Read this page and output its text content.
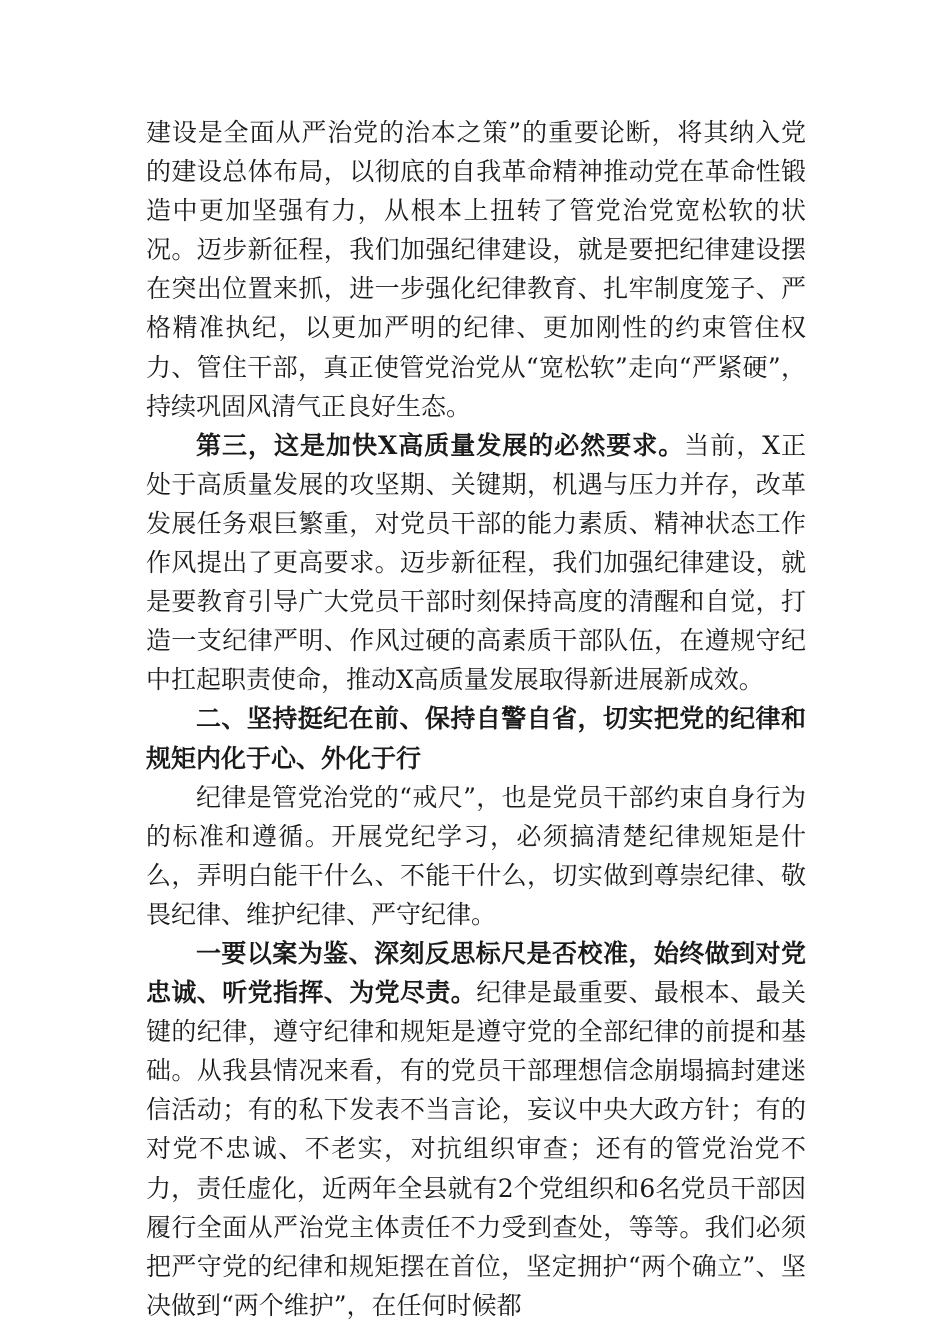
建设是全面从严治党的治本之策”的重要论断，将其纳入党的建设总体布局，以彻底的自我革命精神推动党在革命性锻造中更加坚强有力，从根本上扭转了管党治党宽松软的状况。迈步新征程，我们加强纪律建设，就是要把纪律建设摆在突出位置来抓，进一步强化纪律教育、扎牢制度笼子、严格精准执纪，以更加严明的纪律、更加刚性的约束管住权力、管住干部，真正使管党治党从“宽松软”走向“严紧硬”，持续巩固风清气正良好生态。

第三，这是加快X高质量发展的必然要求。当前，X正处于高质量发展的攻坚期、关键期，机遇与压力并存，改革发展任务艰巨繁重，对党员干部的能力素质、精神状态工作作风提出了更高要求。迈步新征程，我们加强纪律建设，就是要教育引导广大党员干部时刻保持高度的清醒和自觉，打造一支纪律严明、作风过硬的高素质干部队伍，在遵规守纪中扛起职责使命，推动X高质量发展取得新进展新成效。

二、坚持挺纪在前、保持自警自省，切实把党的纪律和规矩内化于心、外化于行

纪律是管党治党的“戒尺”，也是党员干部约束自身行为的标准和遵循。开展党纪学习，必须搞清楚纪律规矩是什么，弄明白能干什么、不能干什么，切实做到尊崇纪律、敬畏纪律、维护纪律、严守纪律。

一要以案为鉴、深刻反思标尺是否校准，始终做到对党忠诚、听党指挥、为党尽责。纪律是最重要、最根本、最关键的纪律，遵守纪律和规矩是遵守党的全部纪律的前提和基础。从我县情况来看，有的党员干部理想信念崩塌搞封建迷信活动；有的私下发表不当言论，妄议中央大政方针；有的对党不忠诚、不老实，对抗组织审查；还有的管党治党不力，责任虚化，近两年全县就有2个党组织和6名党员干部因履行全面从严治党主体责任不力受到查处，等等。我们必须把严守党的纪律和规矩摆在首位，坚定拥护“两个确立”、坚决做到“两个维护”，在任何时候都
